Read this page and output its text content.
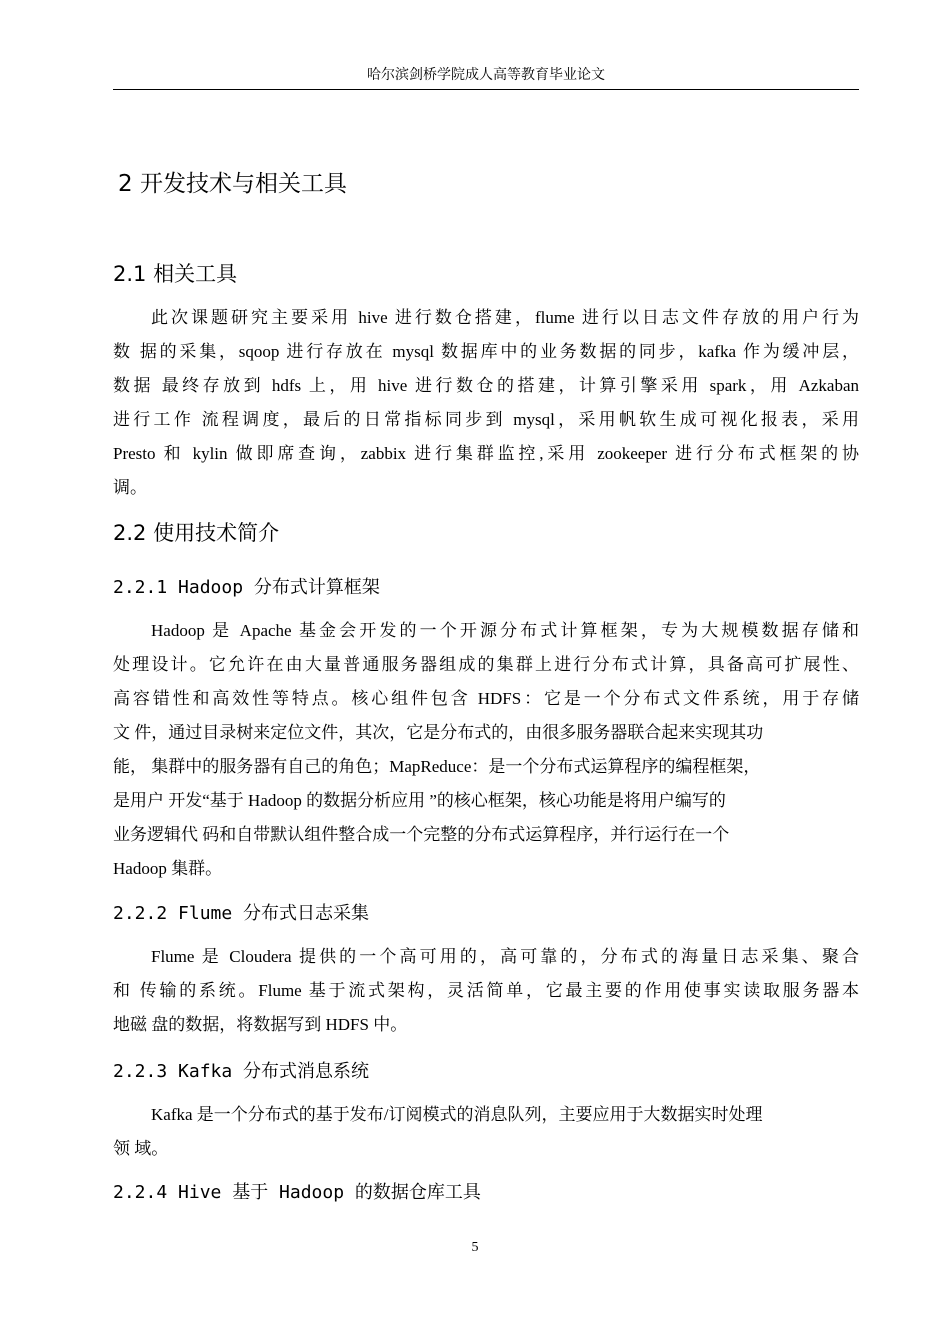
哈尔滨剑桥学院成人高等教育毕业论文
2 开发技术与相关工具
2.1 相关工具
此次课题研究主要采用 hive 进行数仓搭建，flume 进行以日志文件存放的用户行为
数 据的采集，sqoop 进行存放在 mysql 数据库中的业务数据的同步，kafka 作为缓冲层，
数据 最终存放到 hdfs 上，用 hive 进行数仓的搭建，计算引擎采用 spark，用 Azkaban
进行工作 流程调度，最后的日常指标同步到 mysql，采用帆软生成可视化报表，采用
Presto 和 kylin 做即席查询，zabbix 进行集群监控,采用 zookeeper 进行分布式框架的协
调。
2.2 使用技术简介
2.2.1 Hadoop 分布式计算框架
Hadoop 是 Apache 基金会开发的一个开源分布式计算框架，专为大规模数据存储和
处理设计。它允许在由大量普通服务器组成的集群上进行分布式计算，具备高可扩展性、
高容错性和高效性等特点。核心组件包含 HDFS：它是一个分布式文件系统，用于存储
文 件，通过目录树来定位文件，其次，它是分布式的，由很多服务器联合起来实现其功
能， 集群中的服务器有自己的角色；MapReduce：是一个分布式运算程序的编程框架，
是用户 开发“基于 Hadoop 的数据分析应用 ”的核心框架，核心功能是将用户编写的
业务逻辑代 码和自带默认组件整合成一个完整的分布式运算程序，并行运行在一个
Hadoop 集群。
2.2.2 Flume 分布式日志采集
Flume 是 Cloudera 提供的一个高可用的，高可靠的，分布式的海量日志采集、聚合
和 传输的系统。Flume 基于流式架构，灵活简单，它最主要的作用使事实读取服务器本
地磁 盘的数据，将数据写到 HDFS 中。
2.2.3 Kafka 分布式消息系统
Kafka 是一个分布式的基于发布/订阅模式的消息队列，主要应用于大数据实时处理
领 域。
2.2.4 Hive 基于 Hadoop 的数据仓库工具
5
